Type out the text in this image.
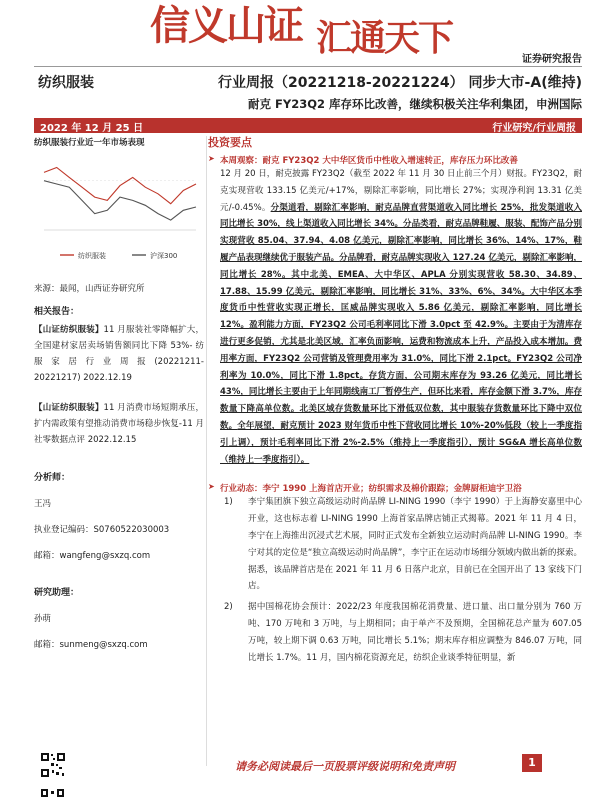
信义山证 汇通天下
证券研究报告
纺织服装	行业周报（20221218-20221224） 同步大市-A(维持)
耐克 FY23Q2 库存环比改善，继续积极关注华利集团，申洲国际
2022 年 12 月 25 日	行业研究/行业周报
纺织服装行业近一年市场表现
纺织服装	沪深300
来源：最闻，山西证券研究所
相关报告：
【山证纺织服装】11 月服装社零降幅扩大，全国建材家居卖场销售额同比下降 53%- 纺 服 家 居 行 业 周 报 (20221211-20221217) 2022.12.19
【山证纺织服装】11 月消费市场短期承压，扩内需政策有望推动消费市场稳步恢复-11 月社零数据点评 2022.12.15
分析师：
王冯
执业登记编码：S0760522030003
邮箱：wangfeng@sxzq.com
研究助理：
孙萌
邮箱：sunmeng@sxzq.com
投资要点
➤ 本周观察：耐克 FY23Q2 大中华区货币中性收入增速转正，库存压力环比改善
12 月 20 日，耐克披露 FY23Q2（截至 2022 年 11 月 30 日止前三个月）财报。FY23Q2，耐克实现营收 133.15 亿美元/+17%，剔除汇率影响，同比增长 27%；实现净利润 13.31 亿美元/-0.45%。分渠道看，剔除汇率影响，耐克品牌直营渠道收入同比增长 25%，批发渠道收入同比增长 30%，线上渠道收入同比增长 34%。分品类看，耐克品牌鞋履、服装、配饰产品分别实现营收 85.04、37.94、4.08 亿美元，剔除汇率影响，同比增长 36%、14%、17%，鞋履产品表现继续优于服装产品。分品牌看，耐克品牌实现收入 127.24 亿美元，剔除汇率影响，同比增长 28%。其中北美、EMEA、大中华区、APLA 分别实现营收 58.30、34.89、17.88、15.99 亿美元，剔除汇率影响，同比增长 31%、33%、6%、34%。大中华区本季度货币中性营收实现正增长，匡威品牌实现收入 5.86 亿美元，剔除汇率影响，同比增长 12%。盈利能力方面，FY23Q2 公司毛利率同比下滑 3.0pct 至 42.9%。主要由于为清库存进行更多促销，尤其是北美区域，汇率负面影响，运费和物流成本上升，产品投入成本增加。费用率方面，FY23Q2 公司营销及管理费用率为 31.0%，同比下滑 2.1pct。FY23Q2 公司净利率为 10.0%，同比下滑 1.8pct。存货方面，公司期末库存为 93.26 亿美元，同比增长 43%，同比增长主要由于上年同期线南工厂暂停生产，但环比来看，库存金额下滑 3.7%，库存数量下降高单位数。北美区域存货数量环比下滑低双位数，其中服装存货数量环比下降中双位数。全年展望，耐克预计 2023 财年货币中性下营收同比增长 10%-20%低段（较上一季度指引上调），预计毛利率同比下滑 2%-2.5%（维持上一季度指引），预计 SG&A 增长高单位数（维持上一季度指引）。
➤ 行业动态：李宁 1990 上海首店开业；纺织需求及棉价跟踪；金牌厨柜迪宇卫浴
1) 李宁集团旗下独立高级运动时尚品牌 LI-NING 1990（李宁 1990）于上海静安嘉里中心开业，这也标志着 LI-NING 1990 上海首家品牌店铺正式揭幕。2021 年 11 月 4 日，李宁在上海推出沉浸式艺术展，同时正式发布全新独立运动时尚品牌 LI-NING 1990。李宁对其的定位是“独立高级运动时尚品牌”，李宁正在运动市场细分领域内做出新的探索。据悉，该品牌首店是在 2021 年 11 月 6 日落户北京，目前已在全国开出了 13 家线下门店。
2) 据中国棉花协会预计：2022/23 年度我国棉花消费量、进口量、出口量分别为 760 万吨、170 万吨和 3 万吨，与上期相同；由于单产不及预期，全国棉花总产量为 607.05 万吨，较上期下调 0.63 万吨，同比增长 5.1%；期末库存相应调整为 846.07 万吨，同比增长 1.7%。11 月，国内棉花资源充足，纺织企业谈季特征明显，新
请务必阅读最后一页股票评级说明和免责声明	1
